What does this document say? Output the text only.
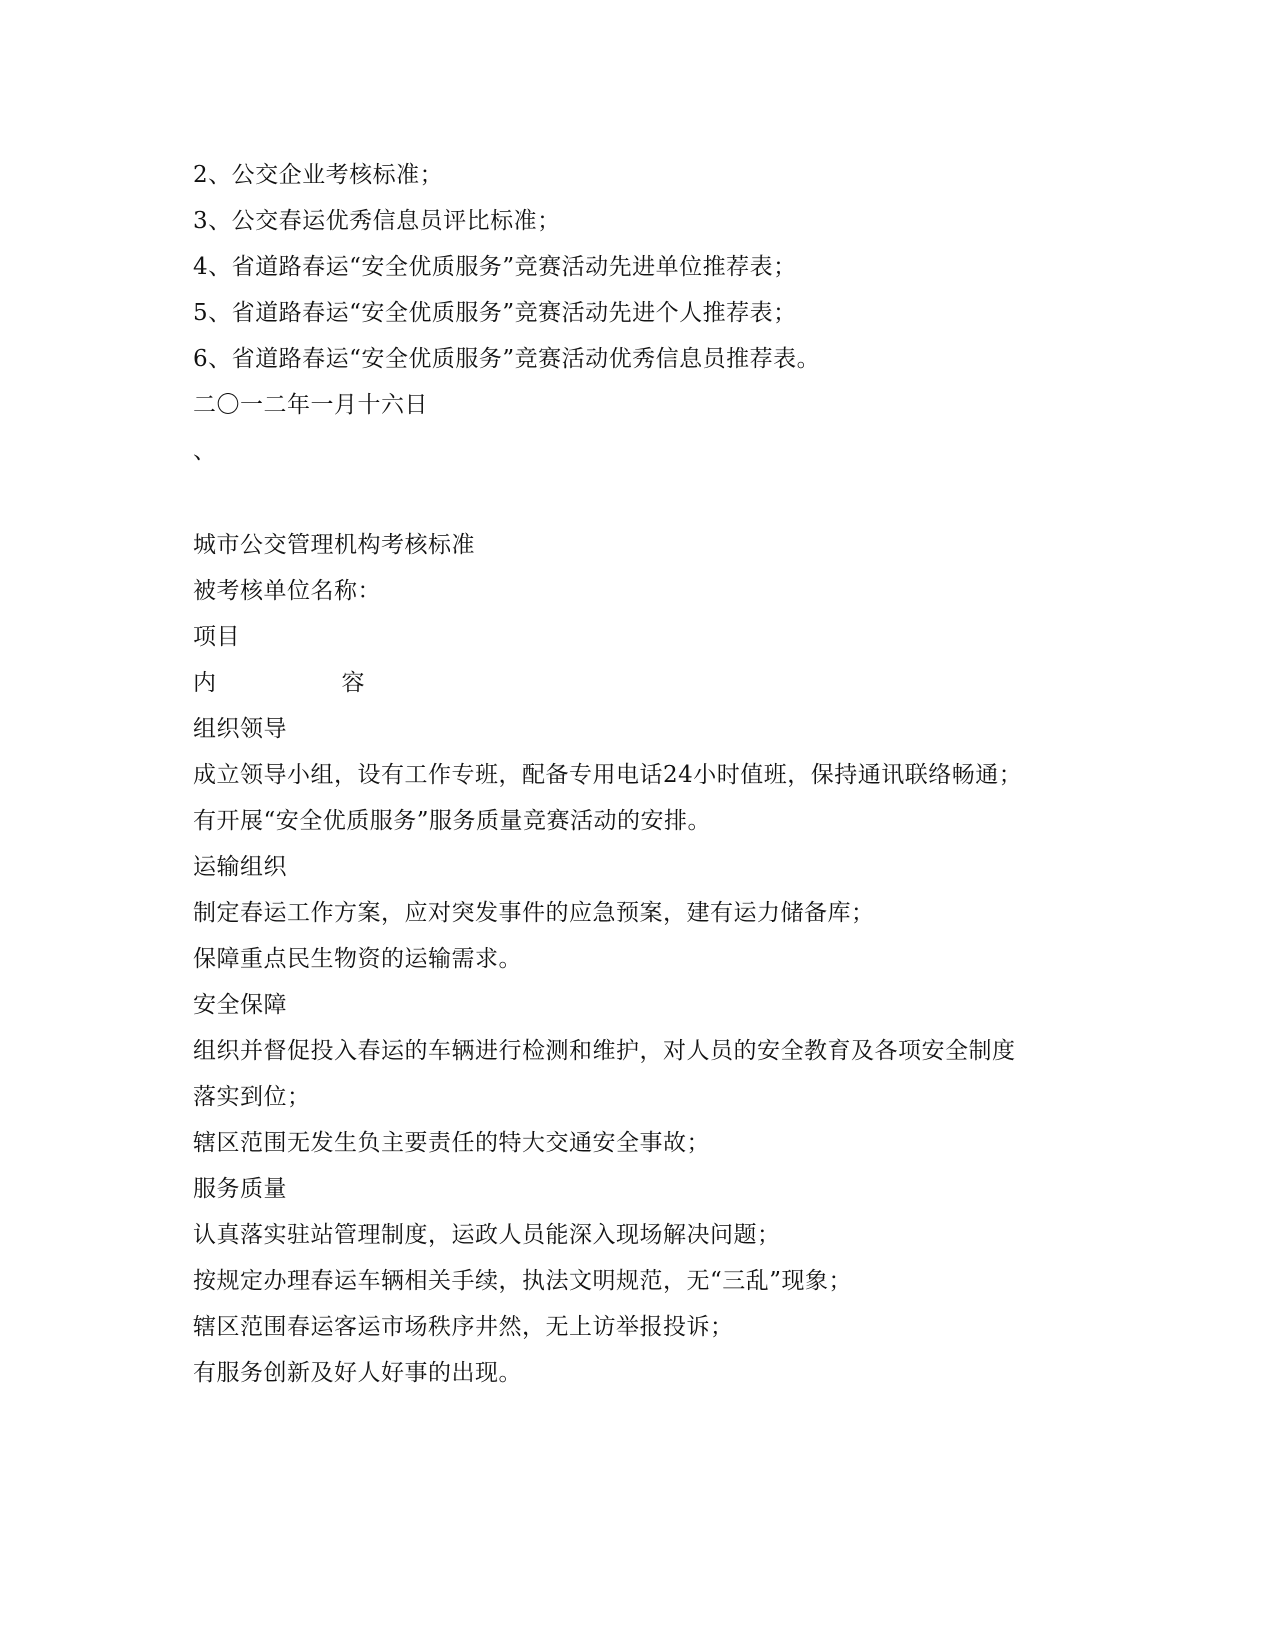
2、公交企业考核标准；
3、公交春运优秀信息员评比标准；
4、省道路春运“安全优质服务”竞赛活动先进单位推荐表；
5、省道路春运“安全优质服务”竞赛活动先进个人推荐表；
6、省道路春运“安全优质服务”竞赛活动优秀信息员推荐表。
二〇一二年一月十六日
、
城市公交管理机构考核标准
被考核单位名称：
项目
内                容
组织领导
成立领导小组，设有工作专班，配备专用电话24小时值班，保持通讯联络畅通；
有开展“安全优质服务”服务质量竞赛活动的安排。
运输组织
制定春运工作方案，应对突发事件的应急预案，建有运力储备库；
保障重点民生物资的运输需求。
安全保障
组织并督促投入春运的车辆进行检测和维护，对人员的安全教育及各项安全制度
落实到位；
辖区范围无发生负主要责任的特大交通安全事故；
服务质量
认真落实驻站管理制度，运政人员能深入现场解决问题；
按规定办理春运车辆相关手续，执法文明规范，无“三乱”现象；
辖区范围春运客运市场秩序井然，无上访举报投诉；
有服务创新及好人好事的出现。
